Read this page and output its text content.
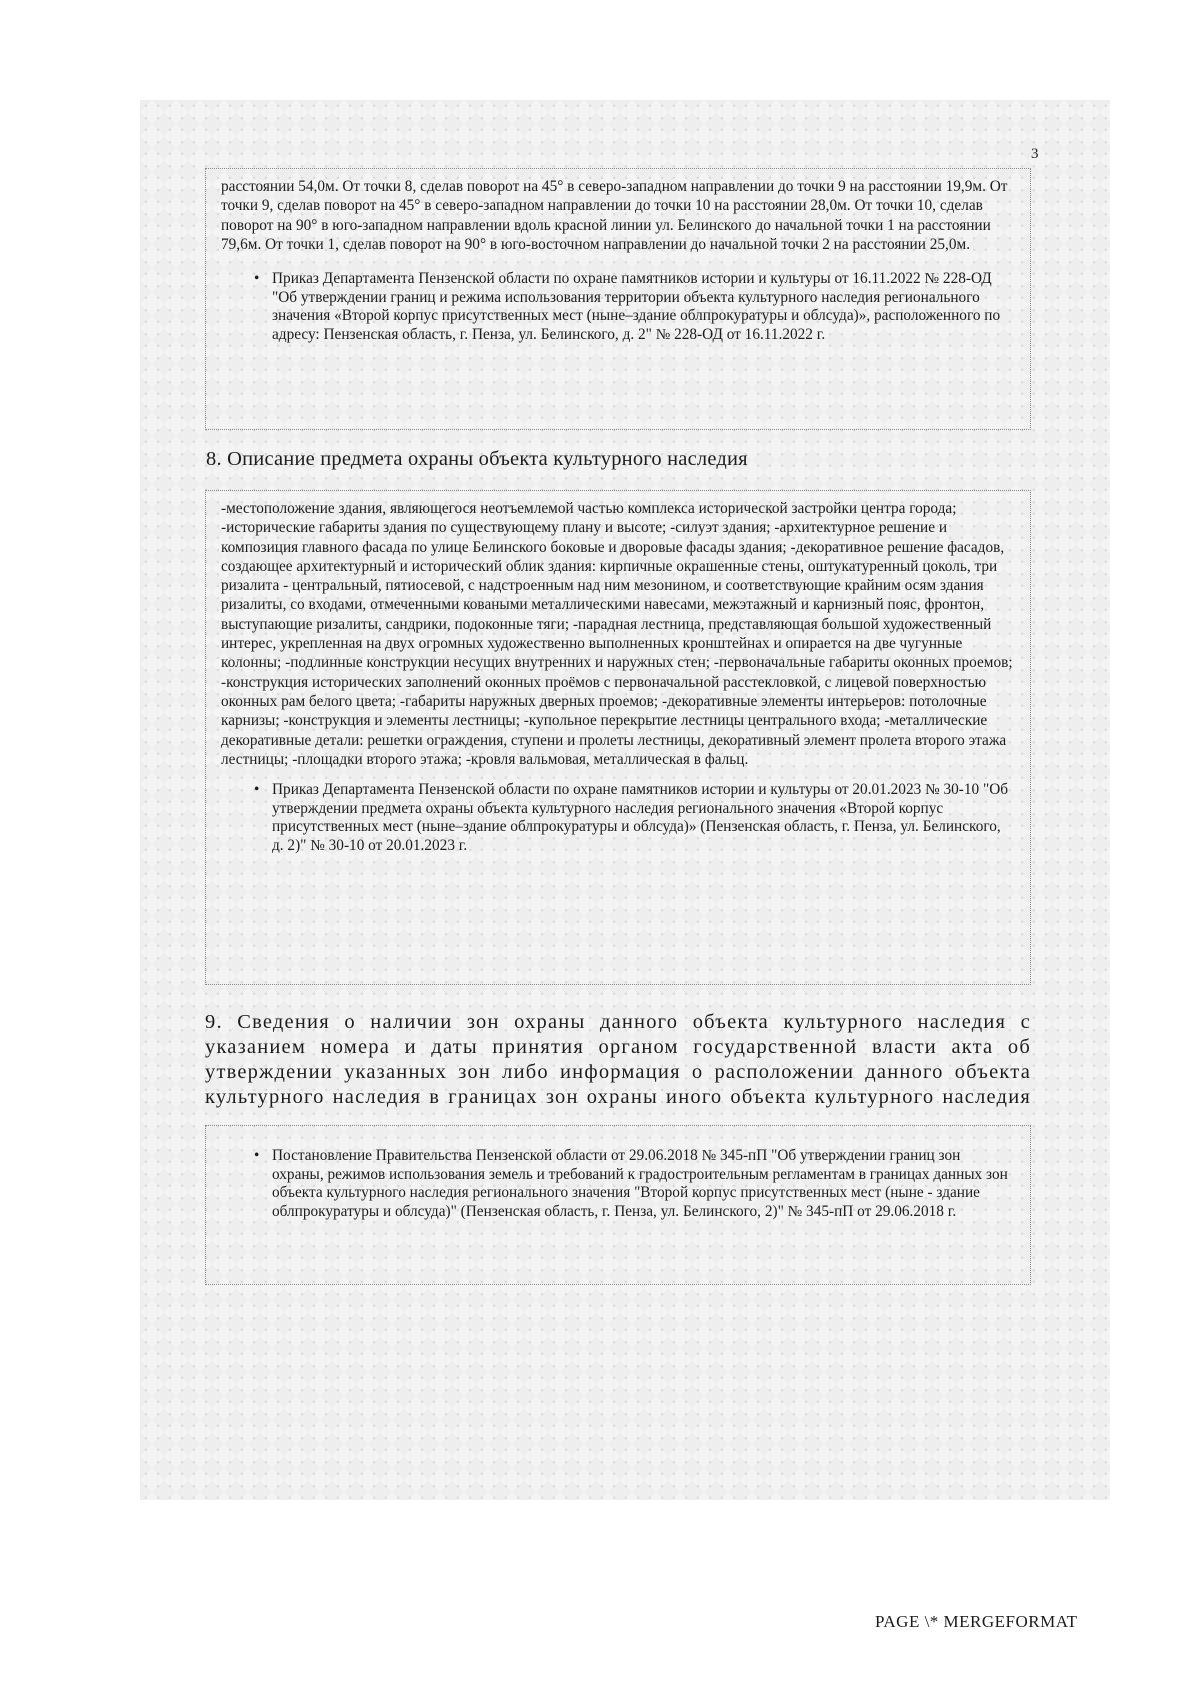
3
расстоянии 54,0м. От точки 8, сделав поворот на 45° в северо-западном направлении до точки 9 на расстоянии 19,9м. От точки 9, сделав поворот на 45° в северо-западном направлении до точки 10 на расстоянии 28,0м. От точки 10, сделав поворот на 90° в юго-западном направлении вдоль красной линии ул. Белинского до начальной точки 1 на расстоянии 79,6м. От точки 1, сделав поворот на 90° в юго-восточном направлении до начальной точки 2 на расстоянии 25,0м.
• Приказ Департамента Пензенской области по охране памятников истории и культуры от 16.11.2022 № 228-ОД "Об утверждении границ и режима использования территории объекта культурного наследия регионального значения «Второй корпус присутственных мест (ныне–здание облпрокуратуры и облсуда)», расположенного по адресу: Пензенская область, г. Пенза, ул. Белинского, д. 2" № 228-ОД от 16.11.2022 г.
8. Описание предмета охраны объекта культурного наследия
-местоположение здания, являющегося неотъемлемой частью комплекса исторической застройки центра города; -исторические габариты здания по существующему плану и высоте; -силуэт здания; -архитектурное решение и композиция главного фасада по улице Белинского боковые и дворовые фасады здания; -декоративное решение фасадов, создающее архитектурный и исторический облик здания: кирпичные окрашенные стены, оштукатуренный цоколь, три ризалита - центральный, пятиосевой, с надстроенным над ним мезонином, и соответствующие крайним осям здания ризалиты, со входами, отмеченными коваными металлическими навесами, межэтажный и карнизный пояс, фронтон, выступающие ризалиты, сандрики, подоконные тяги; -парадная лестница, представляющая большой художественный интерес, укрепленная на двух огромных художественно выполненных кронштейнах и опирается на две чугунные колонны; -подлинные конструкции несущих внутренних и наружных стен; -первоначальные габариты оконных проемов; -конструкция исторических заполнений оконных проёмов с первоначальной расстекловкой, с лицевой поверхностью оконных рам белого цвета; -габариты наружных дверных проемов; -декоративные элементы интерьеров: потолочные карнизы; -конструкция и элементы лестницы; -купольное перекрытие лестницы центрального входа; -металлические декоративные детали: решетки ограждения, ступени и пролеты лестницы, декоративный элемент пролета второго этажа лестницы; -площадки второго этажа; -кровля вальмовая, металлическая в фальц.
• Приказ Департамента Пензенской области по охране памятников истории и культуры от 20.01.2023 № 30-10 "Об утверждении предмета охраны объекта культурного наследия регионального значения «Второй корпус присутственных мест (ныне–здание облпрокуратуры и облсуда)» (Пензенская область, г. Пенза, ул. Белинского, д. 2)" № 30-10 от 20.01.2023 г.
9. Сведения о наличии зон охраны данного объекта культурного наследия с указанием номера и даты принятия органом государственной власти акта об утверждении указанных зон либо информация о расположении данного объекта культурного наследия в границах зон охраны иного объекта культурного наследия
• Постановление Правительства Пензенской области от 29.06.2018 № 345-пП "Об утверждении границ зон охраны, режимов использования земель и требований к градостроительным регламентам в границах данных зон объекта культурного наследия регионального значения "Второй корпус присутственных мест (ныне - здание облпрокуратуры и облсуда)" (Пензенская область, г. Пенза, ул. Белинского, 2)" № 345-пП от 29.06.2018 г.
PAGE \* MERGEFORMAT
